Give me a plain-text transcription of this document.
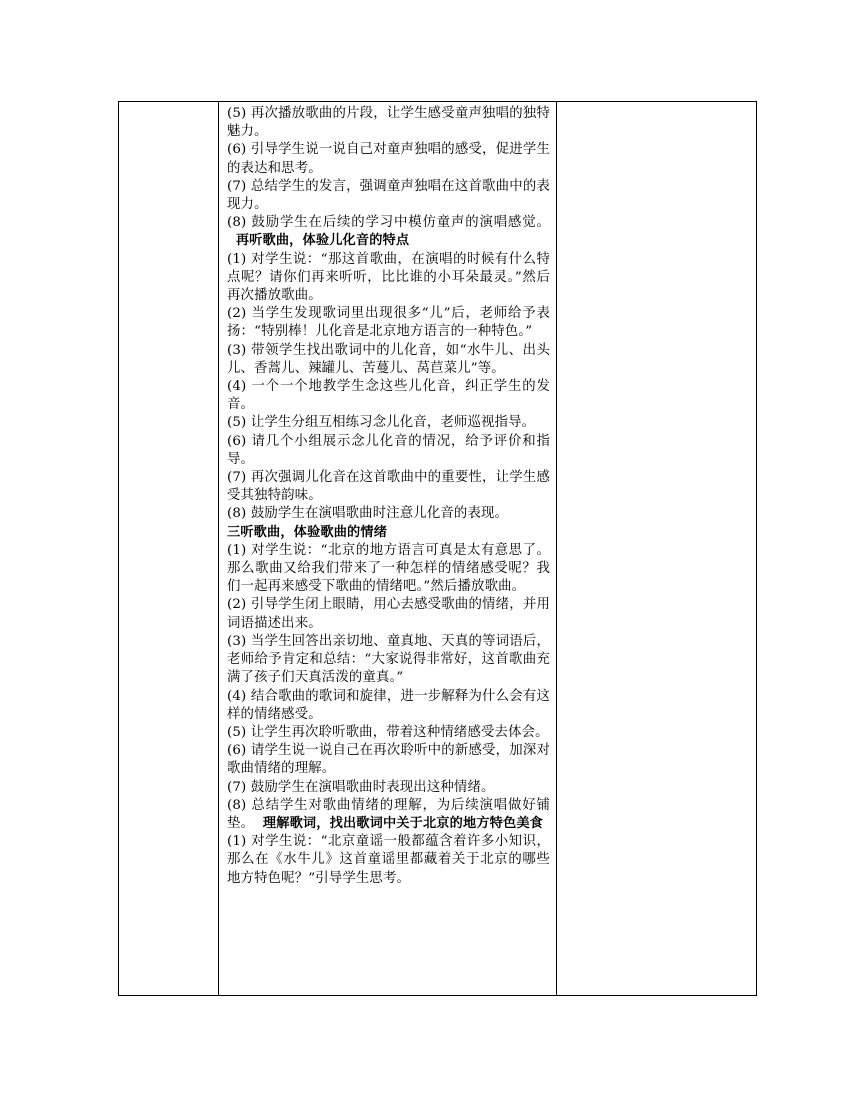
(5) 再次播放歌曲的片段，让学生感受童声独唱的独特魅力。
(6) 引导学生说一说自己对童声独唱的感受，促进学生的表达和思考。
(7) 总结学生的发言，强调童声独唱在这首歌曲中的表现力。
(8) 鼓励学生在后续的学习中模仿童声的演唱感觉。  再听歌曲，体验儿化音的特点
(1) 对学生说：“那这首歌曲，在演唱的时候有什么特点呢？请你们再来听听，比比谁的小耳朵最灵。”然后再次播放歌曲。
(2) 当学生发现歌词里出现很多“儿”后，老师给予表扬：“特别棒！儿化音是北京地方语言的一种特色。”
(3) 带领学生找出歌词中的儿化音，如“水牛儿、出头儿、香蒿儿、辣罐儿、苦蔓儿、莴苣菜儿”等。
(4) 一个一个地教学生念这些儿化音，纠正学生的发音。
(5) 让学生分组互相练习念儿化音，老师巡视指导。
(6) 请几个小组展示念儿化音的情况，给予评价和指导。
(7) 再次强调儿化音在这首歌曲中的重要性，让学生感受其独特韵味。
(8) 鼓励学生在演唱歌曲时注意儿化音的表现。
三听歌曲，体验歌曲的情绪
(1) 对学生说：“北京的地方语言可真是太有意思了。那么歌曲又给我们带来了一种怎样的情绪感受呢？我们一起再来感受下歌曲的情绪吧。”然后播放歌曲。
(2) 引导学生闭上眼睛，用心去感受歌曲的情绪，并用词语描述出来。
(3) 当学生回答出亲切地、童真地、天真的等词语后，老师给予肯定和总结：“大家说得非常好，这首歌曲充满了孩子们天真活泼的童真。”
(4) 结合歌曲的歌词和旋律，进一步解释为什么会有这样的情绪感受。
(5) 让学生再次聆听歌曲，带着这种情绪感受去体会。
(6) 请学生说一说自己在再次聆听中的新感受，加深对歌曲情绪的理解。
(7) 鼓励学生在演唱歌曲时表现出这种情绪。
(8) 总结学生对歌曲情绪的理解，为后续演唱做好铺垫。 理解歌词，找出歌词中关于北京的地方特色美食
(1) 对学生说：“北京童谣一般都蕴含着许多小知识，那么在《水牛儿》这首童谣里都藏着关于北京的哪些地方特色呢？”引导学生思考。
